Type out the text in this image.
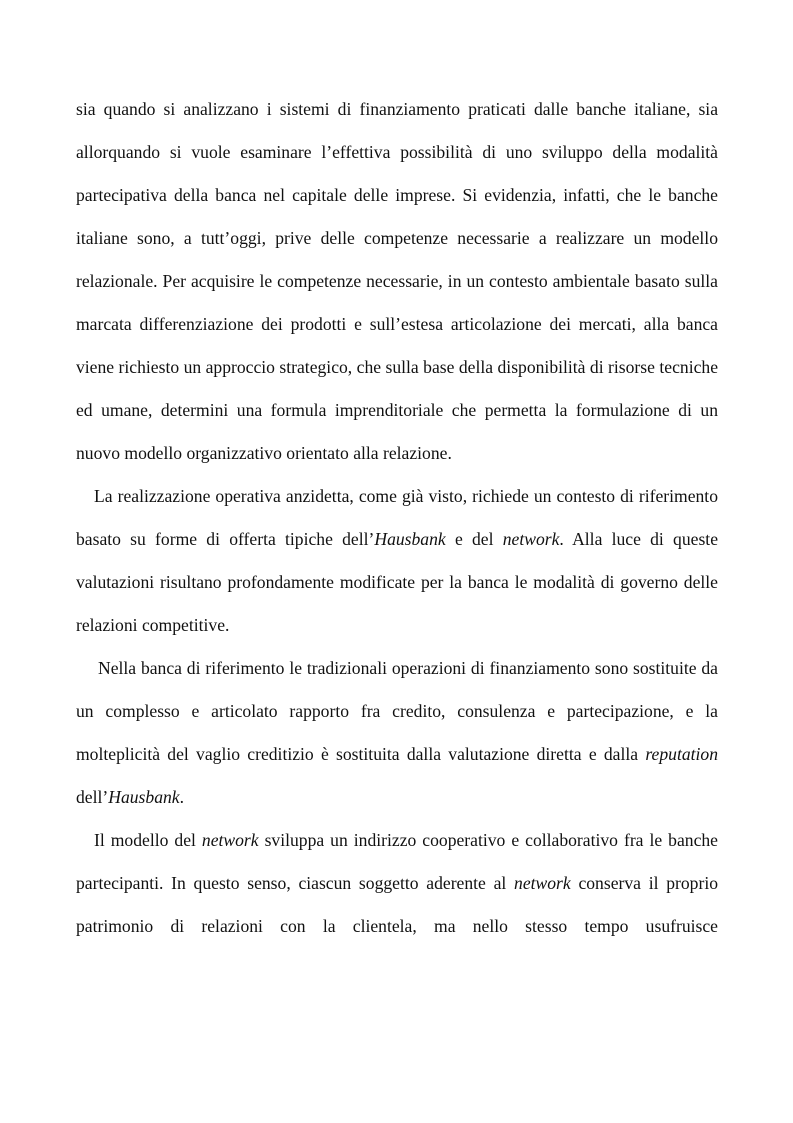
sia quando si analizzano i sistemi di finanziamento praticati dalle banche italiane, sia allorquando si vuole esaminare l’effettiva possibilità di uno sviluppo della modalità partecipativa della banca nel capitale delle imprese. Si evidenzia, infatti, che le banche italiane sono, a tutt’oggi, prive delle competenze necessarie a realizzare un modello relazionale. Per acquisire le competenze necessarie, in un contesto ambientale basato sulla marcata differenziazione dei prodotti e sull’estesa articolazione dei mercati, alla banca viene richiesto un approccio strategico, che sulla base della disponibilità di risorse tecniche ed umane, determini una formula imprenditoriale che permetta la formulazione di un nuovo modello organizzativo orientato alla relazione.

La realizzazione operativa anzidetta, come già visto, richiede un contesto di riferimento basato su forme di offerta tipiche dell’Hausbank e del network. Alla luce di queste valutazioni risultano profondamente modificate per la banca le modalità di governo delle relazioni competitive.

Nella banca di riferimento le tradizionali operazioni di finanziamento sono sostituite da un complesso e articolato rapporto fra credito, consulenza e partecipazione, e la molteplicità del vaglio creditizio è sostituita dalla valutazione diretta e dalla reputation dell’Hausbank.

Il modello del network sviluppa un indirizzo cooperativo e collaborativo fra le banche partecipanti. In questo senso, ciascun soggetto aderente al network conserva il proprio patrimonio di relazioni con la clientela, ma nello stesso tempo usufruisce
